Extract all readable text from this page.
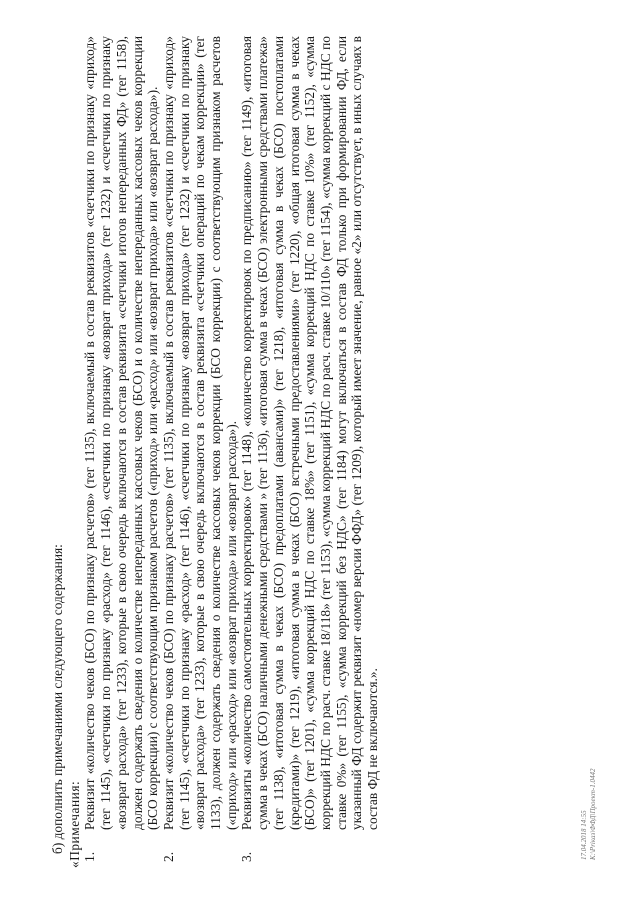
б) дополнить примечаниями следующего содержания: «Примечания: 1.

Реквизит «количество чеков (БСО) по признаку расчетов» (тег 1135), включаемый в состав реквизитов «счетчики по признаку «приход» (тег 1145), «счетчики по признаку «расход» (тег 1146), «счетчики по признаку «возврат прихода» (тег 1232) и «счетчики по признаку «возврат расхода» (тег 1233), которые в свою очередь включаются в состав реквизита «счетчики итогов непереданных ФД» (тег 1158), должен содержать сведения о количестве непереданных кассовых чеков (БСО) и о количестве непереданных кассовых чеков коррекции (БСО коррекции) с соответствующим признаком расчетов («приход» или «расход» или «возврат прихода» или «возврат расхода»).

2.

Реквизит «количество чеков (БСО) по признаку расчетов» (тег 1135), включаемый в состав реквизитов «счетчики по признаку «приход» (тег 1145), «счетчики по признаку «расход» (тег 1146), «счетчики по признаку «возврат прихода» (тег 1232) и «счетчики по признаку «возврат расхода» (тег 1233), которые в свою очередь включаются в состав реквизита «счетчики операций по чекам коррекции» (тег 1133), должен содержать сведения о количестве кассовых чеков коррекции (БСО коррекции) с соответствующим признаком расчетов («приход» или «расход» или «возврат прихода» или «возврат расхода»).

3.

Реквизиты «количество самостоятельных корректировок» (тег 1148), «количество корректировок по предписанию» (тег 1149), «итоговая сумма в чеках (БСО) наличными денежными средствами » (тег 1136), «итоговая сумма в чеках (БСО) электронными средствами платежа» (тег 1138), «итоговая сумма в чеках (БСО) предоплатами (авансами)» (тег 1218), «итоговая сумма в чеках (БСО) постоплатами (кредитами)» (тег 1219), «итоговая сумма в чеках (БСО) встречными предоставлениями» (тег 1220), «общая итоговая сумма в чеках (БСО)» (тег 1201), «сумма коррекций НДС по ставке 18%» (тег 1151), «сумма коррекций НДС по ставке 10%» (тег 1152), «сумма коррекций НДС по расч. ставке 18/118» (тег 1153), «сумма коррекций НДС по расч. ставке 10/110» (тег 1154), «сумма коррекций с НДС по ставке 0%» (тег 1155), «сумма коррекций без НДС» (тег 1184) могут включаться в состав ФД только при формировании ФД, если указанный ФД содержит реквизит «номер версии ФФД» (тег 1209), который имеет значение, равное «2» или отсутствует, в иных случаях в состав ФД не включаются.».

17.04.2018 14:55 К:\Priказ\ФФД\Проект-1.0442
